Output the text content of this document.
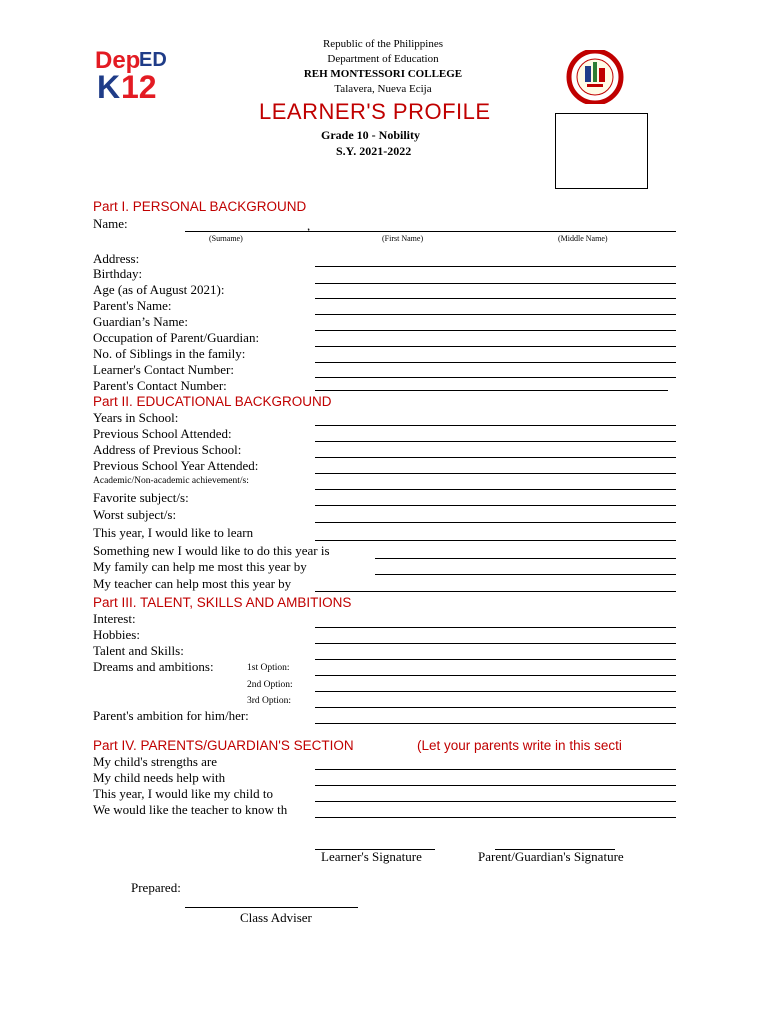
Dep
ED
K 12
Republic of the Philippines
Department of Education
REH MONTESSORI COLLEGE
Talavera, Nueva Ecija
LEARNER'S PROFILE
Grade 10 - Nobility
S.Y. 2021-2022
Part I. PERSONAL BACKGROUND
Name:	,
(Surname)	(First Name)	(Middle Name)
Address:
Birthday:
Age (as of August 2021):
Parent's Name:
Guardian’s Name:
Occupation of Parent/Guardian:
No. of Siblings in the family:
Learner's Contact Number:
Parent's Contact Number:
Part II. EDUCATIONAL BACKGROUND
Years in School:
Previous School Attended:
Address of Previous School:
Previous School Year Attended:
Academic/Non-academic achievement/s:
Favorite subject/s:
Worst subject/s:
This year, I would like to learn
Something new I would like to do this year is
My family can help me most this year by
My teacher can help most this year by
Part III. TALENT, SKILLS AND AMBITIONS
Interest:
Hobbies:
Talent and Skills:
Dreams and ambitions:	1st Option:
2nd Option:
3rd Option:
Parent's ambition for him/her:
Part IV. PARENTS/GUARDIAN'S SECTION	(Let your parents write in this secti
My child's strengths are
My child needs help with
This year, I would like my child to
We would like the teacher to know th
Learner's Signature	Parent/Guardian's Signature
Prepared:
Class Adviser
